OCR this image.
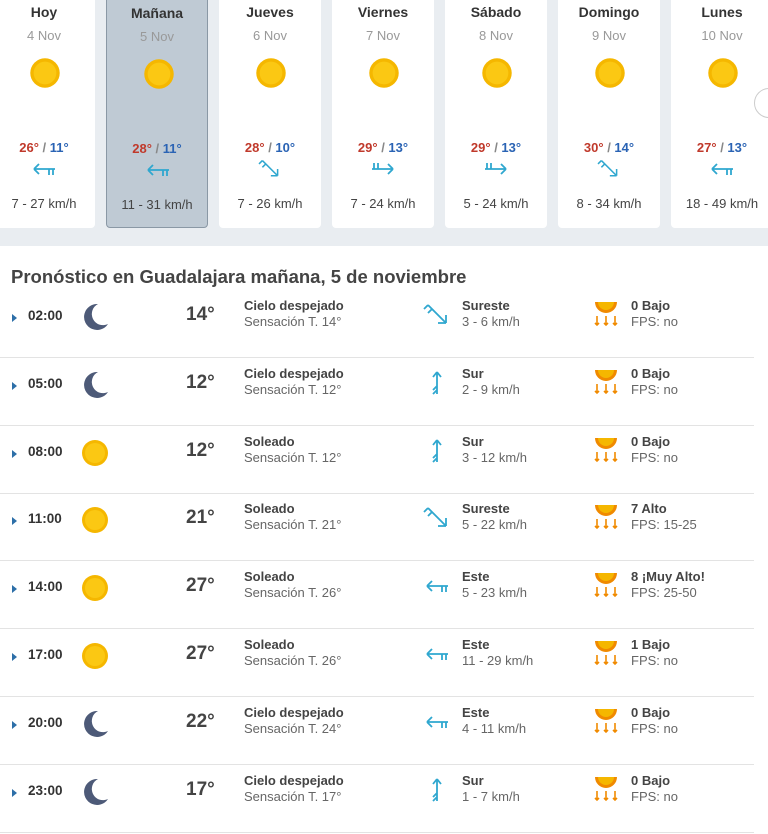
Hoy
4 Nov
26° / 11°
7 - 27 km/h
Mañana
5 Nov
28° / 11°
11 - 31 km/h
Jueves
6 Nov
28° / 10°
7 - 26 km/h
Viernes
7 Nov
29° / 13°
7 - 24 km/h
Sábado
8 Nov
29° / 13°
5 - 24 km/h
Domingo
9 Nov
30° / 14°
8 - 34 km/h
Lunes
10 Nov
27° / 13°
18 - 49 km/h
Pronóstico en Guadalajara mañana, 5 de noviembre
02:00	14° Cielo despejado
Sensación T. 14°
Sureste
3 - 6 km/h
0 Bajo
FPS: no
05:00	12° Cielo despejado
Sensación T. 12°
Sur
2 - 9 km/h
0 Bajo
FPS: no
08:00	12° Soleado
Sensación T. 12°
Sur
3 - 12 km/h
0 Bajo
FPS: no
11:00	21° Soleado
Sensación T. 21°
Sureste
5 - 22 km/h
7 Alto
FPS: 15-25
14:00	27° Soleado
Sensación T. 26°
Este
5 - 23 km/h
8 ¡Muy Alto!
FPS: 25-50
17:00	27° Soleado
Sensación T. 26°
Este
11 - 29 km/h
1 Bajo
FPS: no
20:00	22° Cielo despejado
Sensación T. 24°
Este
4 - 11 km/h
0 Bajo
FPS: no
23:00	17° Cielo despejado
Sensación T. 17°
Sur
1 - 7 km/h
0 Bajo
FPS: no
